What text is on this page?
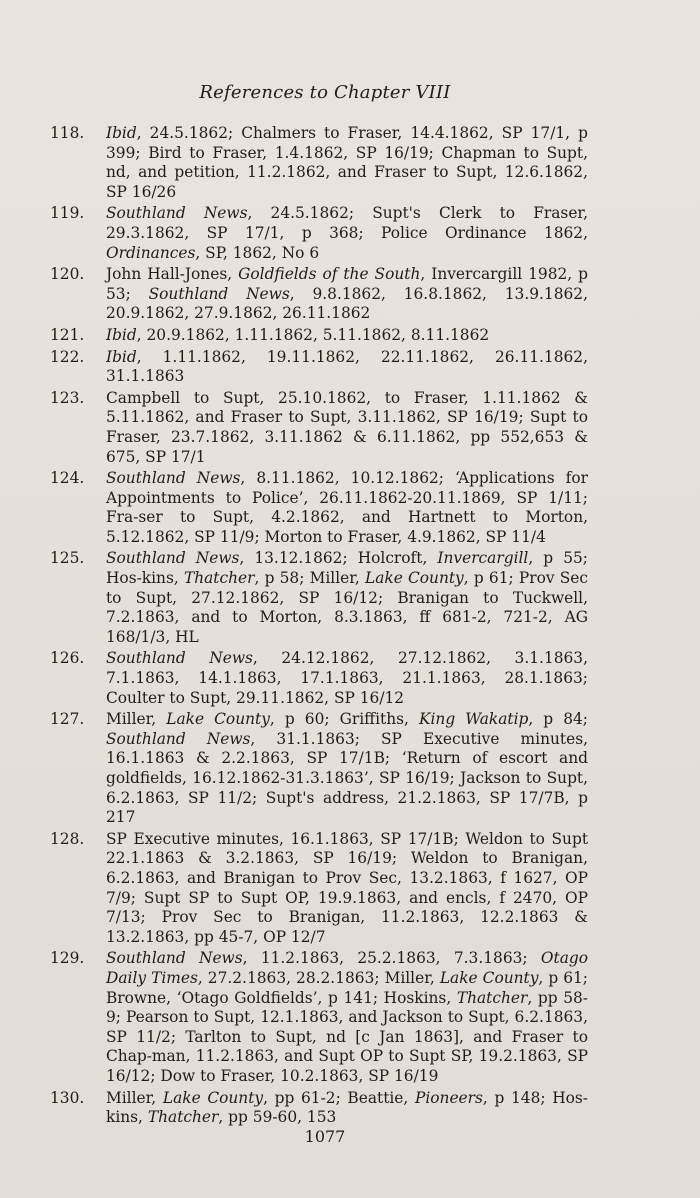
References to Chapter VIII
118.	Ibid, 24.5.1862; Chalmers to Fraser, 14.4.1862, SP 17/1, p 399; Bird to Fraser, 1.4.1862, SP 16/19; Chapman to Supt, nd, and petition, 11.2.1862, and Fraser to Supt, 12.6.1862, SP 16/26
119.	Southland News, 24.5.1862; Supt's Clerk to Fraser, 29.3.1862, SP 17/1, p 368; Police Ordinance 1862, Ordinances, SP, 1862, No 6
120.	John Hall-Jones, Goldfields of the South, Invercargill 1982, p 53; Southland News, 9.8.1862, 16.8.1862, 13.9.1862, 20.9.1862, 27.9.1862, 26.11.1862
121.	Ibid, 20.9.1862, 1.11.1862, 5.11.1862, 8.11.1862
122.	Ibid, 1.11.1862, 19.11.1862, 22.11.1862, 26.11.1862, 31.1.1863
123.	Campbell to Supt, 25.10.1862, to Fraser, 1.11.1862 & 5.11.1862, and Fraser to Supt, 3.11.1862, SP 16/19; Supt to Fraser, 23.7.1862, 3.11.1862 & 6.11.1862, pp 552,653 & 675, SP 17/1
124.	Southland News, 8.11.1862, 10.12.1862; ‘Applications for Appointments to Police’, 26.11.1862-20.11.1869, SP 1/11; Fra-ser to Supt, 4.2.1862, and Hartnett to Morton, 5.12.1862, SP 11/9; Morton to Fraser, 4.9.1862, SP 11/4
125.	Southland News, 13.12.1862; Holcroft, Invercargill, p 55; Hos-kins, Thatcher, p 58; Miller, Lake County, p 61; Prov Sec to Supt, 27.12.1862, SP 16/12; Branigan to Tuckwell, 7.2.1863, and to Morton, 8.3.1863, ff 681-2, 721-2, AG 168/1/3, HL
126.	Southland News, 24.12.1862, 27.12.1862, 3.1.1863, 7.1.1863, 14.1.1863, 17.1.1863, 21.1.1863, 28.1.1863; Coulter to Supt, 29.11.1862, SP 16/12
127.	Miller, Lake County, p 60; Griffiths, King Wakatip, p 84; Southland News, 31.1.1863; SP Executive minutes, 16.1.1863 & 2.2.1863, SP 17/1B; ‘Return of escort and goldfields, 16.12.1862-31.3.1863’, SP 16/19; Jackson to Supt, 6.2.1863, SP 11/2; Supt's address, 21.2.1863, SP 17/7B, p 217
128.	SP Executive minutes, 16.1.1863, SP 17/1B; Weldon to Supt 22.1.1863 & 3.2.1863, SP 16/19; Weldon to Branigan, 6.2.1863, and Branigan to Prov Sec, 13.2.1863, f 1627, OP 7/9; Supt SP to Supt OP, 19.9.1863, and encls, f 2470, OP 7/13; Prov Sec to Branigan, 11.2.1863, 12.2.1863 & 13.2.1863, pp 45-7, OP 12/7
129.	Southland News, 11.2.1863, 25.2.1863, 7.3.1863; Otago Daily Times, 27.2.1863, 28.2.1863; Miller, Lake County, p 61; Browne, ‘Otago Goldfields’, p 141; Hoskins, Thatcher, pp 58-9; Pearson to Supt, 12.1.1863, and Jackson to Supt, 6.2.1863, SP 11/2; Tarlton to Supt, nd [c Jan 1863], and Fraser to Chap-man, 11.2.1863, and Supt OP to Supt SP, 19.2.1863, SP 16/12; Dow to Fraser, 10.2.1863, SP 16/19
130.	Miller, Lake County, pp 61-2; Beattie, Pioneers, p 148; Hos-kins, Thatcher, pp 59-60, 153
1077
